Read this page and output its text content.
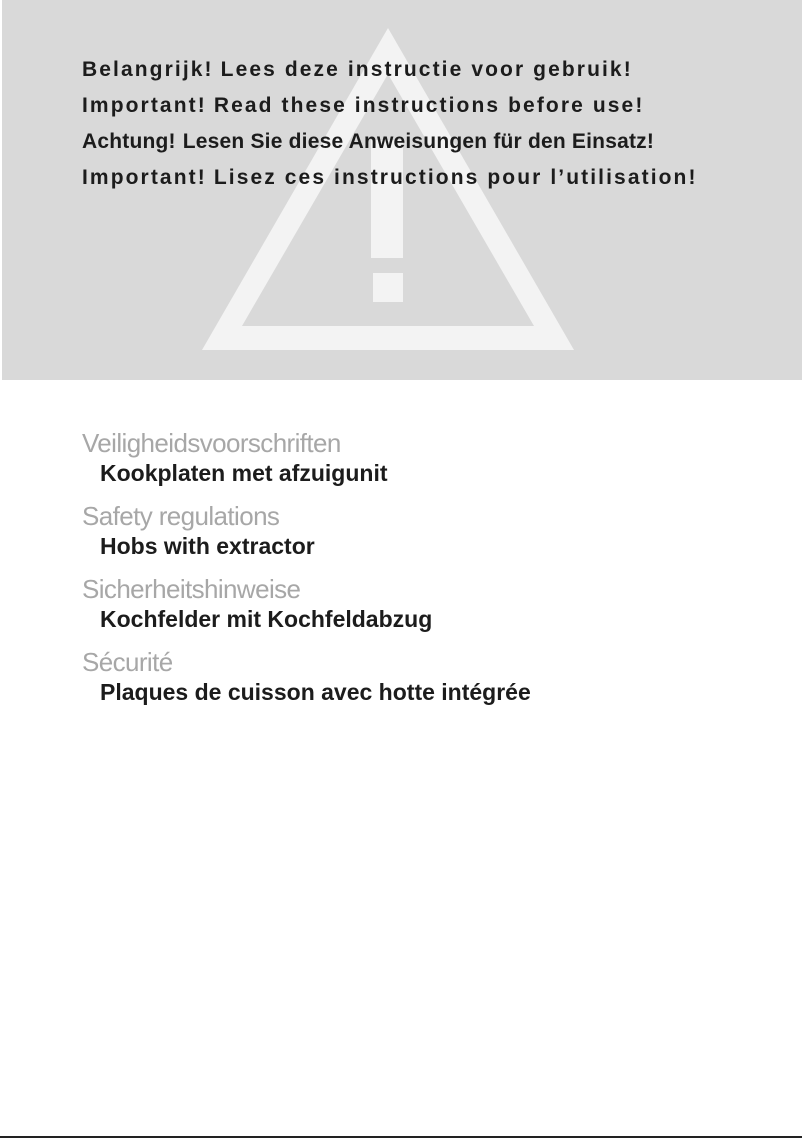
Belangrijk! Lees deze instructie voor gebruik!
Important! Read these instructions before use!
Achtung! Lesen Sie diese Anweisungen für den Einsatz!
Important! Lisez ces instructions pour l’utilisation!
Veiligheidsvoorschriften
Kookplaten met afzuigunit
Safety regulations
Hobs with extractor
Sicherheitshinweise
Kochfelder mit Kochfeldabzug
Sécurité
Plaques de cuisson avec hotte intégrée
